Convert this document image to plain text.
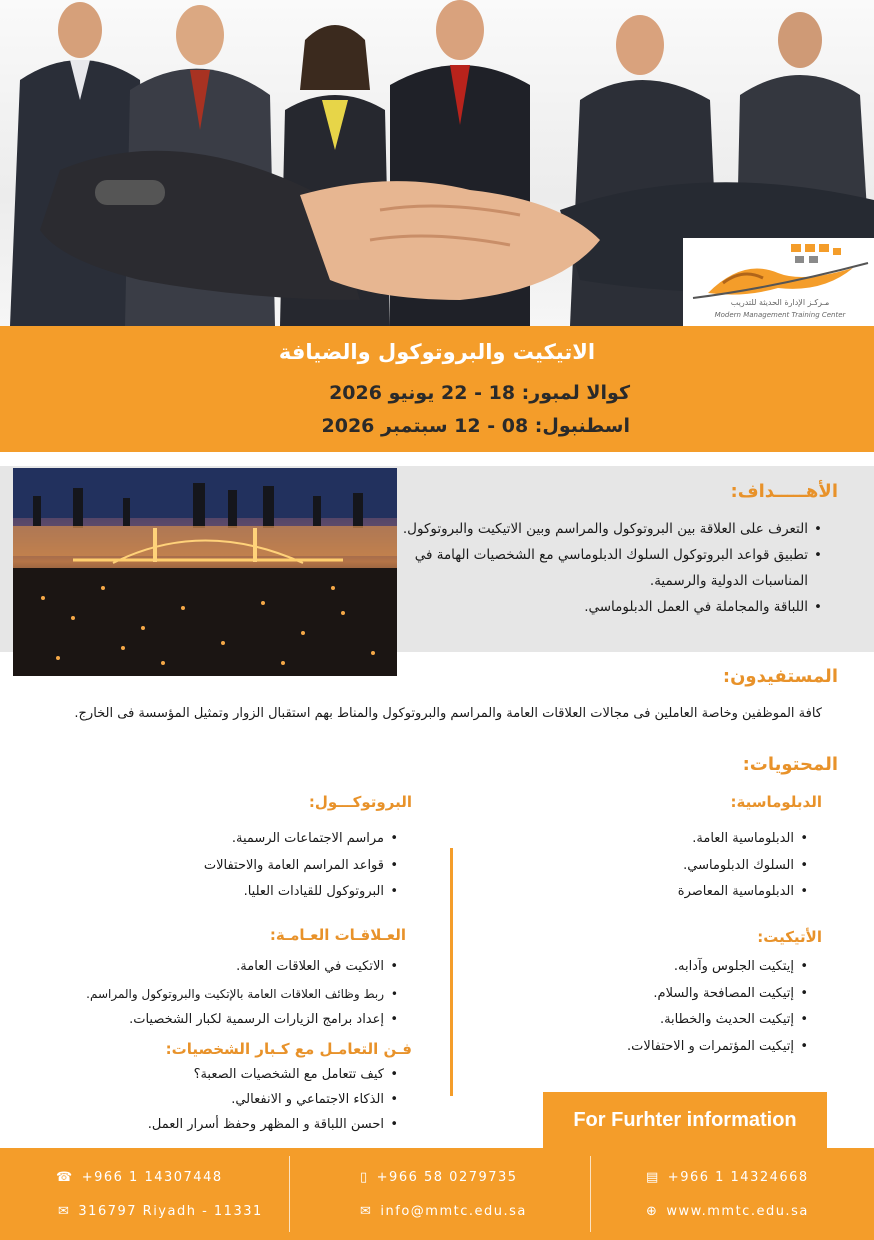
مـركـز الإدارة الحديثة للتدريب
Modern Management Training Center
الاتيكيت والبروتوكول والضيافة
كوالا لمبور: 18 - 22 يونيو 2026
اسطنبول: 08 - 12 سبتمبر 2026
الأهـــــداف:
• التعرف على العلاقة بين البروتوكول والمراسم وبين الاتيكيت والبروتوكول.
• تطبيق قواعد البروتوكول السلوك الدبلوماسي مع الشخصيات الهامة في المناسبات الدولية والرسمية.
• اللباقة والمجاملة في العمل الدبلوماسي.
المستفيدون:
كافة الموظفين وخاصة العاملين فى مجالات العلاقات العامة والمراسم والبروتوكول والمناط بهم استقبال الزوار وتمثيل المؤسسة فى الخارج.
المحتويات:
الدبلوماسية:
• الدبلوماسية العامة.
• السلوك الدبلوماسي.
• الدبلوماسية المعاصرة
الأتيكيت:
• إيتكيت الجلوس وآدابه.
• إتيكيت المصافحة والسلام.
• إتيكيت الحديث والخطابة.
• إتيكيت المؤتمرات و الاحتفالات.
البروتوكـــول:
• مراسم الاجتماعات الرسمية.
• قواعد المراسم العامة والاحتفالات
• البروتوكول للقيادات العليا.
العـلاقـات العـامـة:
• الاتكيت في العلاقات العامة.
• ربط وظائف العلاقات العامة بالإتكيت والبروتوكول والمراسم.
• إعداد برامج الزيارات الرسمية لكبار الشخصيات.
فـن التعامـل مع كـبار الشخصيات:
• كيف تتعامل مع الشخصيات الصعبة؟
• الذكاء الاجتماعي و الانفعالي.
• احسن اللباقة و المظهر وحفظ أسرار العمل.	For Furhter information
☎ +966 1 14307448
✉ 316797 Riyadh - 11331
▯ +966 58 0279735
✉ info@mmtc.edu.sa
▤ +966 1 14324668
⊕ www.mmtc.edu.sa
